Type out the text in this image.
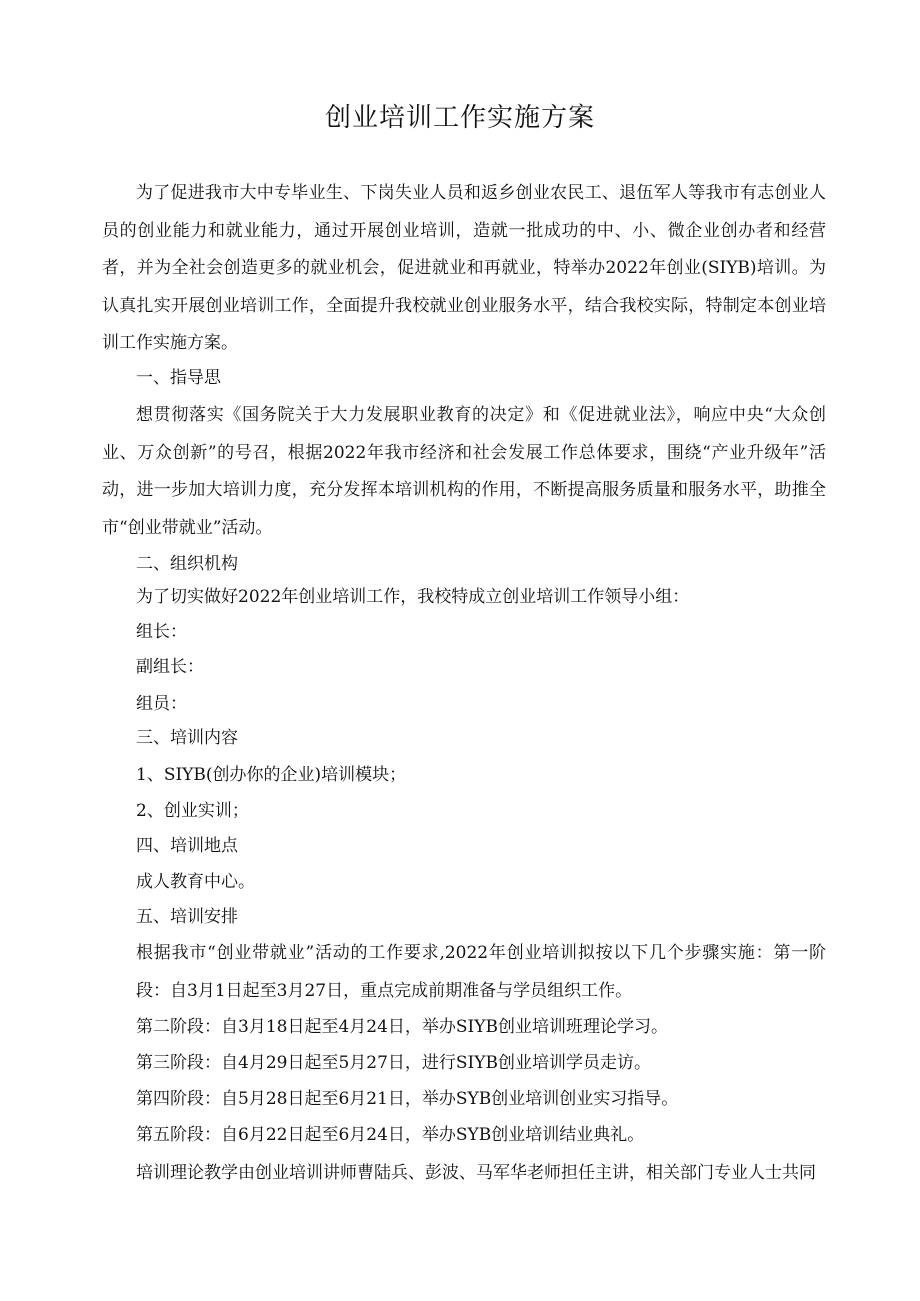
创业培训工作实施方案

为了促进我市大中专毕业生、下岗失业人员和返乡创业农民工、退伍军人等我市有志创业人员的创业能力和就业能力，通过开展创业培训，造就一批成功的中、小、微企业创办者和经营者，并为全社会创造更多的就业机会，促进就业和再就业，特举办2022年创业(SIYB)培训。为认真扎实开展创业培训工作，全面提升我校就业创业服务水平，结合我校实际，特制定本创业培训工作实施方案。

一、指导思

想贯彻落实《国务院关于大力发展职业教育的决定》和《促进就业法》，响应中央“大众创业、万众创新”的号召，根据2022年我市经济和社会发展工作总体要求，围绕“产业升级年”活动，进一步加大培训力度，充分发挥本培训机构的作用，不断提高服务质量和服务水平，助推全市“创业带就业”活动。

二、组织机构

为了切实做好2022年创业培训工作，我校特成立创业培训工作领导小组：

组长：

副组长：

组员：

三、培训内容

1、SIYB(创办你的企业)培训模块；

2、创业实训；

四、培训地点

成人教育中心。

五、培训安排

根据我市“创业带就业”活动的工作要求,2022年创业培训拟按以下几个步骤实施：第一阶段：自3月1日起至3月27日，重点完成前期准备与学员组织工作。

第二阶段：自3月18日起至4月24日，举办SIYB创业培训班理论学习。

第三阶段：自4月29日起至5月27日，进行SIYB创业培训学员走访。

第四阶段：自5月28日起至6月21日，举办SYB创业培训创业实习指导。

第五阶段：自6月22日起至6月24日，举办SYB创业培训结业典礼。

培训理论教学由创业培训讲师曹陆兵、彭波、马军华老师担任主讲，相关部门专业人士共同
